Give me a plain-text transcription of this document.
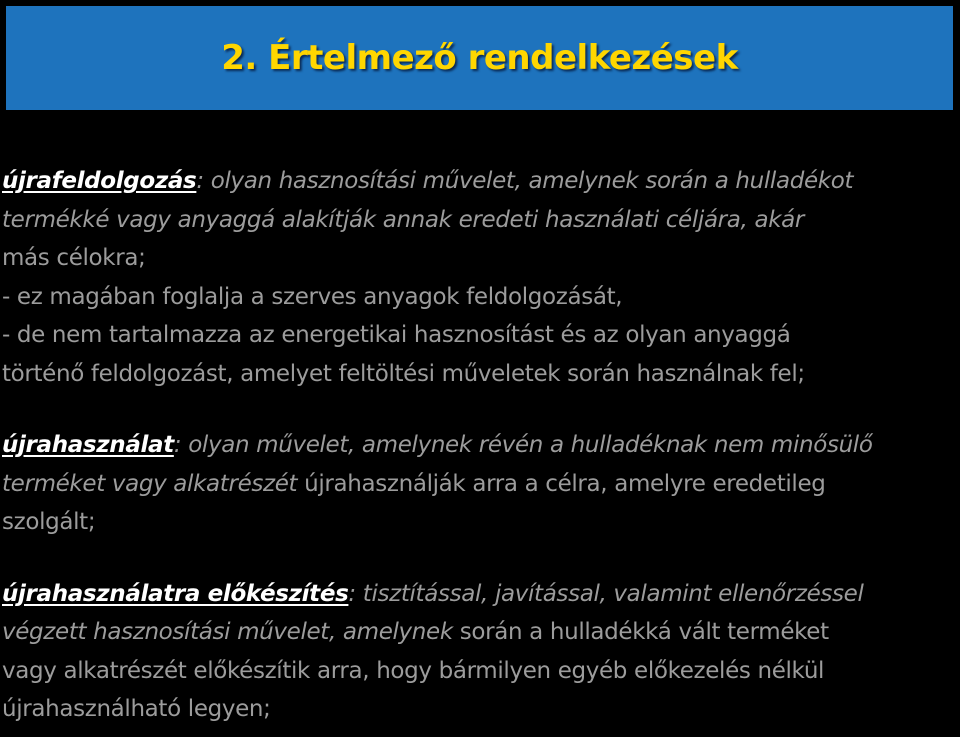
2. Értelmező rendelkezések
újrafeldolgozás: olyan hasznosítási művelet, amelynek során a hulladékot
termékké vagy anyaggá alakítják annak eredeti használati céljára, akár
más célokra;
- ez magában foglalja a szerves anyagok feldolgozását,
- de nem tartalmazza az energetikai hasznosítást és az olyan anyaggá
történő feldolgozást, amelyet feltöltési műveletek során használnak fel;
újrahasználat: olyan művelet, amelynek révén a hulladéknak nem minősülő
terméket vagy alkatrészét újrahasználják arra a célra, amelyre eredetileg
szolgált;
újrahasználatra előkészítés: tisztítással, javítással, valamint ellenőrzéssel
végzett hasznosítási művelet, amelynek során a hulladékká vált terméket
vagy alkatrészét előkészítik arra, hogy bármilyen egyéb előkezelés nélkül
újrahasználható legyen;
